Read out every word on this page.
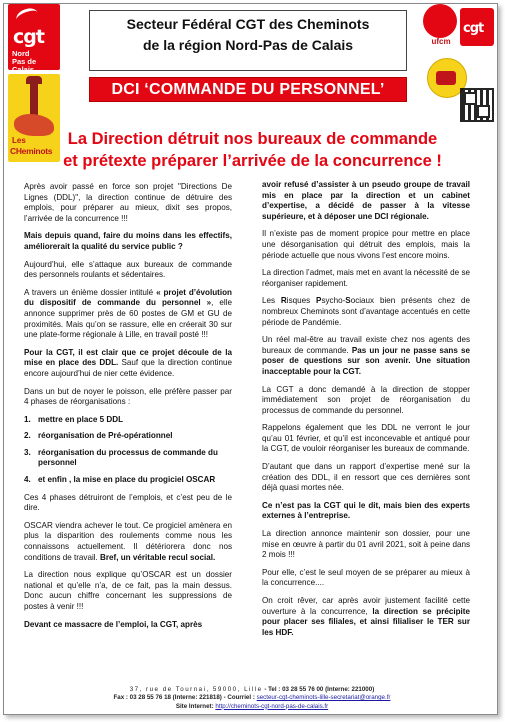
cgt
Nord
Pas de Calais
Les
CHeminots
Secteur Fédéral CGT des Cheminots
de la région Nord-Pas de Calais
DCI ‘COMMANDE DU PERSONNEL’
ufcm
cgt
La Direction détruit nos bureaux de commande
et prétexte préparer l’arrivée de la concurrence !

Après avoir passé en force son projet "Directions De Lignes (DDL)", la direction continue de détruire des emplois, pour préparer au mieux, dixit ses propos, l’arrivée de la concurrence !!!

Mais depuis quand, faire du moins dans les effectifs, améliorerait la qualité du service public ?

Aujourd’hui, elle s’attaque aux bureaux de commande des personnels roulants et sédentaires.

A travers un énième dossier intitulé « projet d’évolution du dispositif de commande du personnel », elle annonce supprimer près de 60 postes de GM et GU de proximités. Mais qu’on se rassure, elle en créerait 30 sur une plate-forme régionale à Lille, en travail posté !!!

Pour la CGT, il est clair que ce projet découle de la mise en place des DDL. Sauf que la direction continue encore aujourd’hui de nier cette évidence.

Dans un but de noyer le poisson, elle préfère passer par 4 phases de réorganisations :

1. mettre en place 5 DDL
2. réorganisation de Pré-opérationnel
3. réorganisation du processus de commande du personnel
4. et enfin , la mise en place du progiciel OSCAR

Ces 4 phases détruiront de l’emplois, et c’est peu de le dire.

OSCAR viendra achever le tout. Ce progiciel amènera en plus la disparition des roulements comme nous les connaissons actuellement. Il détériorera donc nos conditions de travail. Bref, un véritable recul social.

La direction nous explique qu’OSCAR est un dossier national et qu’elle n’a, de ce fait, pas la main dessus. Donc aucun chiffre concernant les suppressions de postes à venir !!!

Devant ce massacre de l’emploi, la CGT, après

avoir refusé d’assister à un pseudo groupe de travail mis en place par la direction et un cabinet d’expertise, a décidé de passer à la vitesse supérieure, et à déposer une DCI régionale.

Il n’existe pas de moment propice pour mettre en place une désorganisation qui détruit des emplois, mais la période actuelle que nous vivons l’est encore moins.

La direction l’admet, mais met en avant la nécessité de se réorganiser rapidement.

Les Risques Psycho-Sociaux bien présents chez de nombreux Cheminots sont d’avantage accentués en cette période de Pandémie.

Un réel mal-être au travail existe chez nos agents des bureaux de commande. Pas un jour ne passe sans se poser de questions sur son avenir. Une situation inacceptable pour la CGT.

La CGT a donc demandé à la direction de stopper immédiatement son projet de réorganisation du processus de commande du personnel.

Rappelons également que les DDL ne verront le jour qu’au 01 février, et qu’il est inconcevable et antiqué pour la CGT, de vouloir réorganiser les bureaux de commande.

D’autant que dans un rapport d’expertise mené sur la création des DDL, il en ressort que ces dernières sont déjà quasi mortes née.

Ce n’est pas la CGT qui le dit, mais bien des experts externes à l’entreprise.

La direction annonce maintenir son dossier, pour une mise en œuvre à partir du 01 avril 2021, soit à peine dans 2 mois !!!

Pour elle, c’est le seul moyen de se préparer au mieux à la concurrence....

On croit rêver, car après avoir justement facilité cette ouverture à la concurrence, la direction se précipite pour placer ses filiales, et ainsi filialiser le TER sur les HDF.

37, rue de Tournai, 59000, Lille - Tel : 03 28 55 76 00 (Interne: 221000)
Fax : 03 28 55 76 18 (Interne: 221818) - Courriel : secteur-cgt-cheminots-lille-secretariat@orange.fr
Site Internet: http://cheminots-cgt-nord-pas-de-calais.fr
